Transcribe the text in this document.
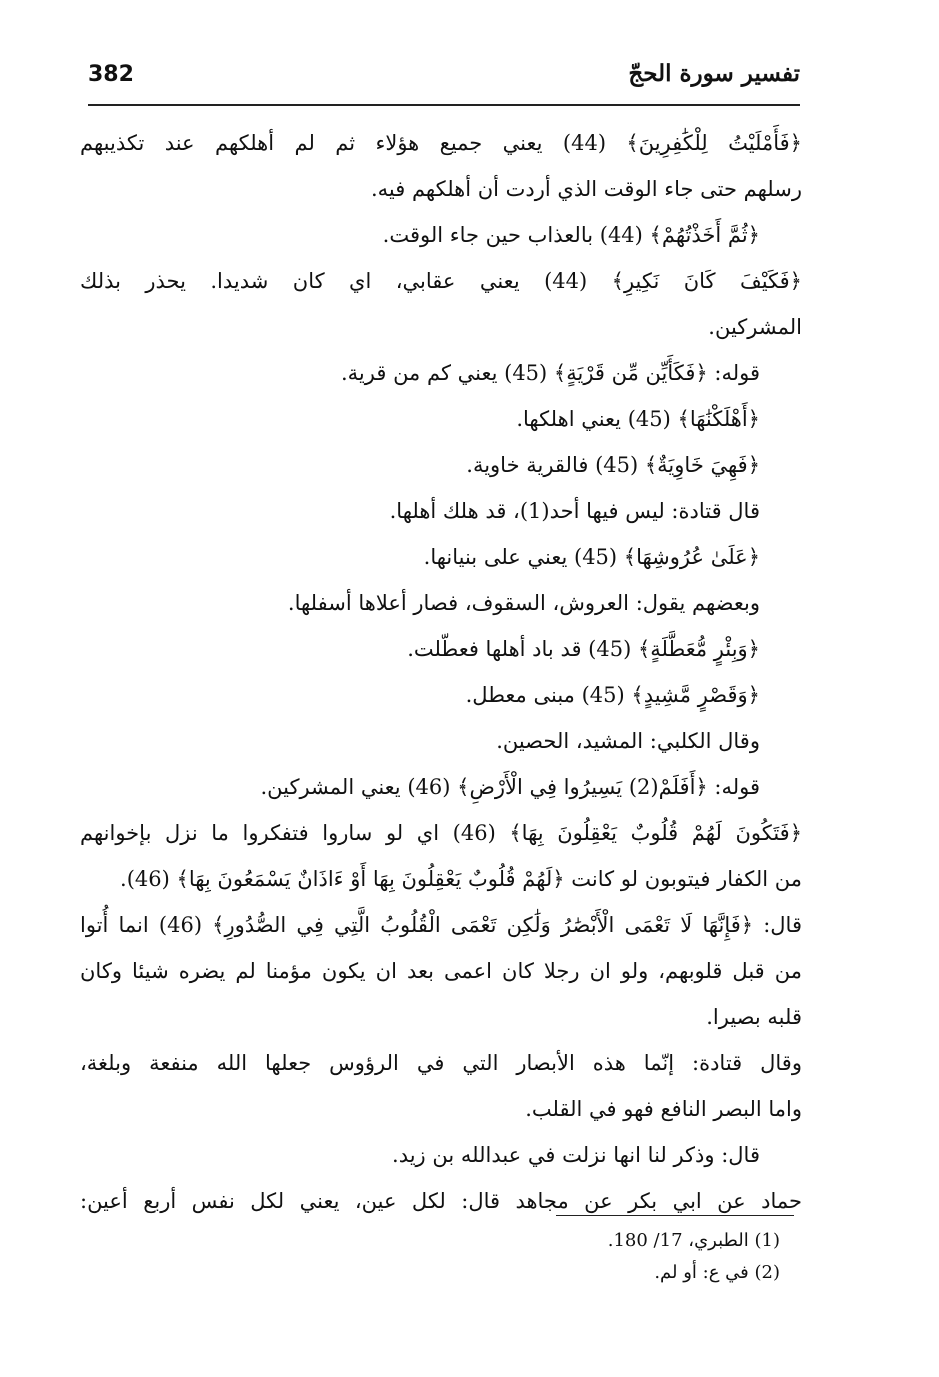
382	تفسير سورة الحجّ
﴿فَأَمْلَيْتُ لِلْكَٰفِرِينَ﴾ (44) يعني جميع هؤلاء ثم لم أهلكهم عند تكذيبهم
رسلهم حتى جاء الوقت الذي أردت أن أهلكهم فيه.
﴿ثُمَّ أَخَذْتُهُمْ﴾ (44) بالعذاب حين جاء الوقت.
﴿فَكَيْفَ كَانَ نَكِيرِ﴾ (44) يعني عقابي، اي كان شديدا. يحذر بذلك
المشركين.
قوله: ﴿فَكَأَيِّن مِّن قَرْيَةٍ﴾ (45) يعني كم من قرية.
﴿أَهْلَكْنَٰهَا﴾ (45) يعني اهلكها.
﴿فَهِيَ خَاوِيَةٌ﴾ (45) فالقرية خاوية.
قال قتادة: ليس فيها أحد(1)، قد هلك أهلها.
﴿عَلَىٰ عُرُوشِهَا﴾ (45) يعني على بنيانها.
وبعضهم يقول: العروش، السقوف، فصار أعلاها أسفلها.
﴿وَبِئْرٍ مُّعَطَّلَةٍ﴾ (45) قد باد أهلها فعطّلت.
﴿وَقَصْرٍ مَّشِيدٍ﴾ (45) مبنى معطل.
وقال الكلبي: المشيد، الحصين.
قوله: ﴿أَفَلَمْ(2) يَسِيرُوا فِي الْأَرْضِ﴾ (46) يعني المشركين.
﴿فَتَكُونَ لَهُمْ قُلُوبٌ يَعْقِلُونَ بِهَا﴾ (46) اي لو ساروا فتفكروا ما نزل بإخوانهم
من الكفار فيتوبون لو كانت ﴿لَهُمْ قُلُوبٌ يَعْقِلُونَ بِهَا أَوْ ءَاذَانٌ يَسْمَعُونَ بِهَا﴾ (46).
قال: ﴿فَإِنَّهَا لَا تَعْمَى الْأَبْصَٰرُ وَلَٰكِن تَعْمَى الْقُلُوبُ الَّتِي فِي الصُّدُورِ﴾ (46) انما أُتوا
من قبل قلوبهم، ولو ان رجلا كان اعمى بعد ان يكون مؤمنا لم يضره شيئا وكان
قلبه بصيرا.
وقال قتادة: إنّما هذه الأبصار التي في الرؤوس جعلها الله منفعة وبلغة،
واما البصر النافع فهو في القلب.
قال: وذكر لنا انها نزلت في عبدالله بن زيد.
حماد عن ابي بكر عن مجاهد قال: لكل عين، يعني لكل نفس أربع أعين:
(1) الطبري، 17/ 180.
(2) في ع: أو لم.
